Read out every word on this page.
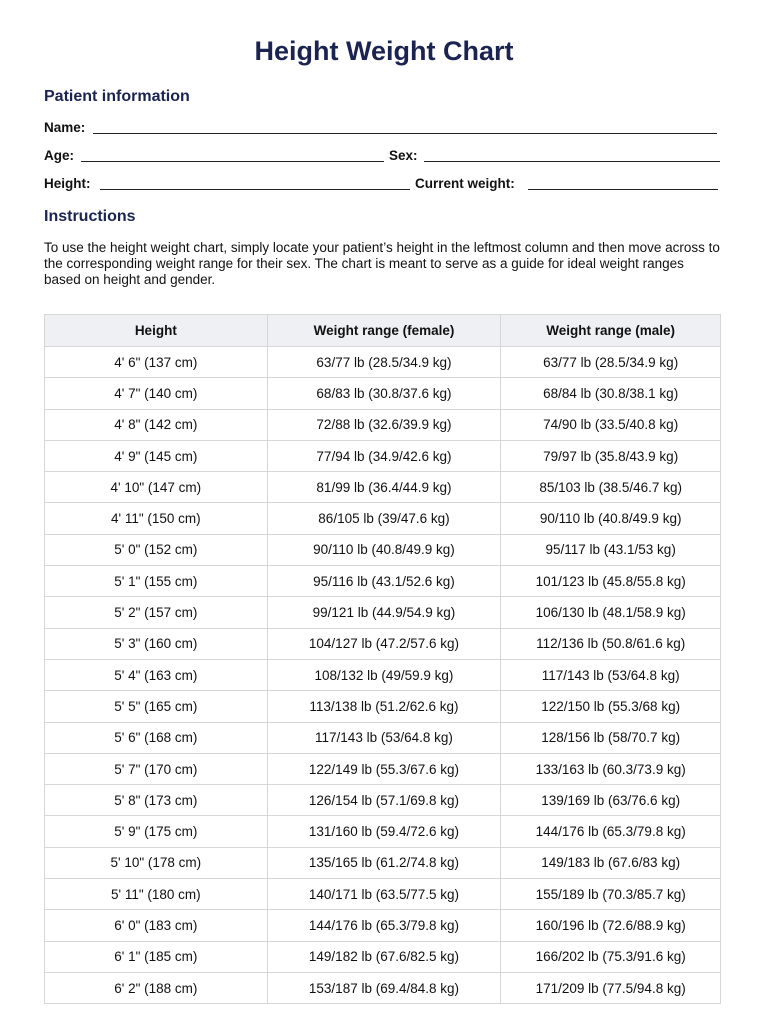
Height Weight Chart
Patient information
Name:
Age:	Sex:
Height:	Current weight:
Instructions
To use the height weight chart, simply locate your patient’s height in the leftmost column and then move across to the corresponding weight range for their sex. The chart is meant to serve as a guide for ideal weight ranges based on height and gender.
Height	Weight range (female)	Weight range (male)
4' 6" (137 cm)	63/77 lb (28.5/34.9 kg)	63/77 lb (28.5/34.9 kg)
4' 7" (140 cm)	68/83 lb (30.8/37.6 kg)	68/84 lb (30.8/38.1 kg)
4' 8" (142 cm)	72/88 lb (32.6/39.9 kg)	74/90 lb (33.5/40.8 kg)
4' 9" (145 cm)	77/94 lb (34.9/42.6 kg)	79/97 lb (35.8/43.9 kg)
4' 10" (147 cm)	81/99 lb (36.4/44.9 kg)	85/103 lb (38.5/46.7 kg)
4' 11" (150 cm)	86/105 lb (39/47.6 kg)	90/110 lb (40.8/49.9 kg)
5' 0" (152 cm)	90/110 lb (40.8/49.9 kg)	95/117 lb (43.1/53 kg)
5' 1" (155 cm)	95/116 lb (43.1/52.6 kg)	101/123 lb (45.8/55.8 kg)
5' 2" (157 cm)	99/121 lb (44.9/54.9 kg)	106/130 lb (48.1/58.9 kg)
5' 3" (160 cm)	104/127 lb (47.2/57.6 kg)	112/136 lb (50.8/61.6 kg)
5' 4" (163 cm)	108/132 lb (49/59.9 kg)	117/143 lb (53/64.8 kg)
5' 5" (165 cm)	113/138 lb (51.2/62.6 kg)	122/150 lb (55.3/68 kg)
5' 6" (168 cm)	117/143 lb (53/64.8 kg)	128/156 lb (58/70.7 kg)
5' 7" (170 cm)	122/149 lb (55.3/67.6 kg)	133/163 lb (60.3/73.9 kg)
5' 8" (173 cm)	126/154 lb (57.1/69.8 kg)	139/169 lb (63/76.6 kg)
5' 9" (175 cm)	131/160 lb (59.4/72.6 kg)	144/176 lb (65.3/79.8 kg)
5' 10" (178 cm)	135/165 lb (61.2/74.8 kg)	149/183 lb (67.6/83 kg)
5' 11" (180 cm)	140/171 lb (63.5/77.5 kg)	155/189 lb (70.3/85.7 kg)
6' 0" (183 cm)	144/176 lb (65.3/79.8 kg)	160/196 lb (72.6/88.9 kg)
6' 1" (185 cm)	149/182 lb (67.6/82.5 kg)	166/202 lb (75.3/91.6 kg)
6' 2" (188 cm)	153/187 lb (69.4/84.8 kg)	171/209 lb (77.5/94.8 kg)
